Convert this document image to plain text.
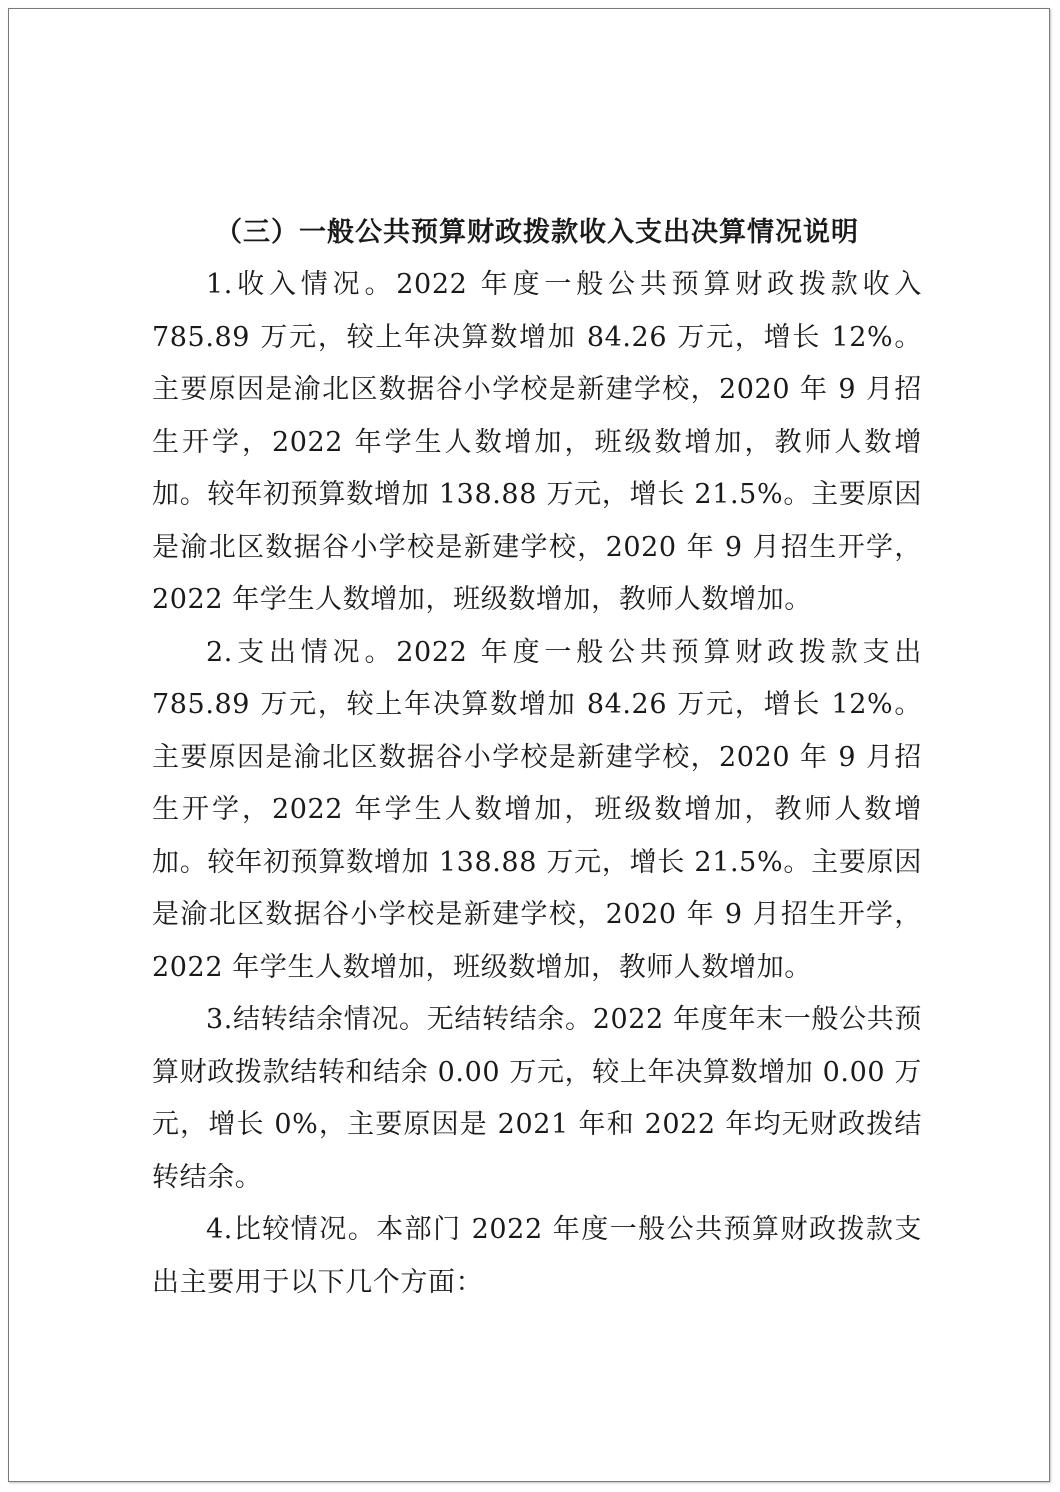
（三）一般公共预算财政拨款收入支出决算情况说明

1.收入情况。2022 年度一般公共预算财政拨款收入 785.89 万元，较上年决算数增加 84.26 万元，增长 12%。主要原因是渝北区数据谷小学校是新建学校，2020 年 9 月招生开学，2022 年学生人数增加，班级数增加，教师人数增加。较年初预算数增加 138.88 万元，增长 21.5%。主要原因是渝北区数据谷小学校是新建学校，2020 年 9 月招生开学，2022 年学生人数增加，班级数增加，教师人数增加。

2.支出情况。2022 年度一般公共预算财政拨款支出 785.89 万元，较上年决算数增加 84.26 万元，增长 12%。主要原因是渝北区数据谷小学校是新建学校，2020 年 9 月招生开学，2022 年学生人数增加，班级数增加，教师人数增加。较年初预算数增加 138.88 万元，增长 21.5%。主要原因是渝北区数据谷小学校是新建学校，2020 年 9 月招生开学，2022 年学生人数增加，班级数增加，教师人数增加。

3.结转结余情况。无结转结余。2022 年度年末一般公共预算财政拨款结转和结余 0.00 万元，较上年决算数增加 0.00 万元，增长 0%，主要原因是 2021 年和 2022 年均无财政拨结转结余。

4.比较情况。本部门 2022 年度一般公共预算财政拨款支出主要用于以下几个方面：
